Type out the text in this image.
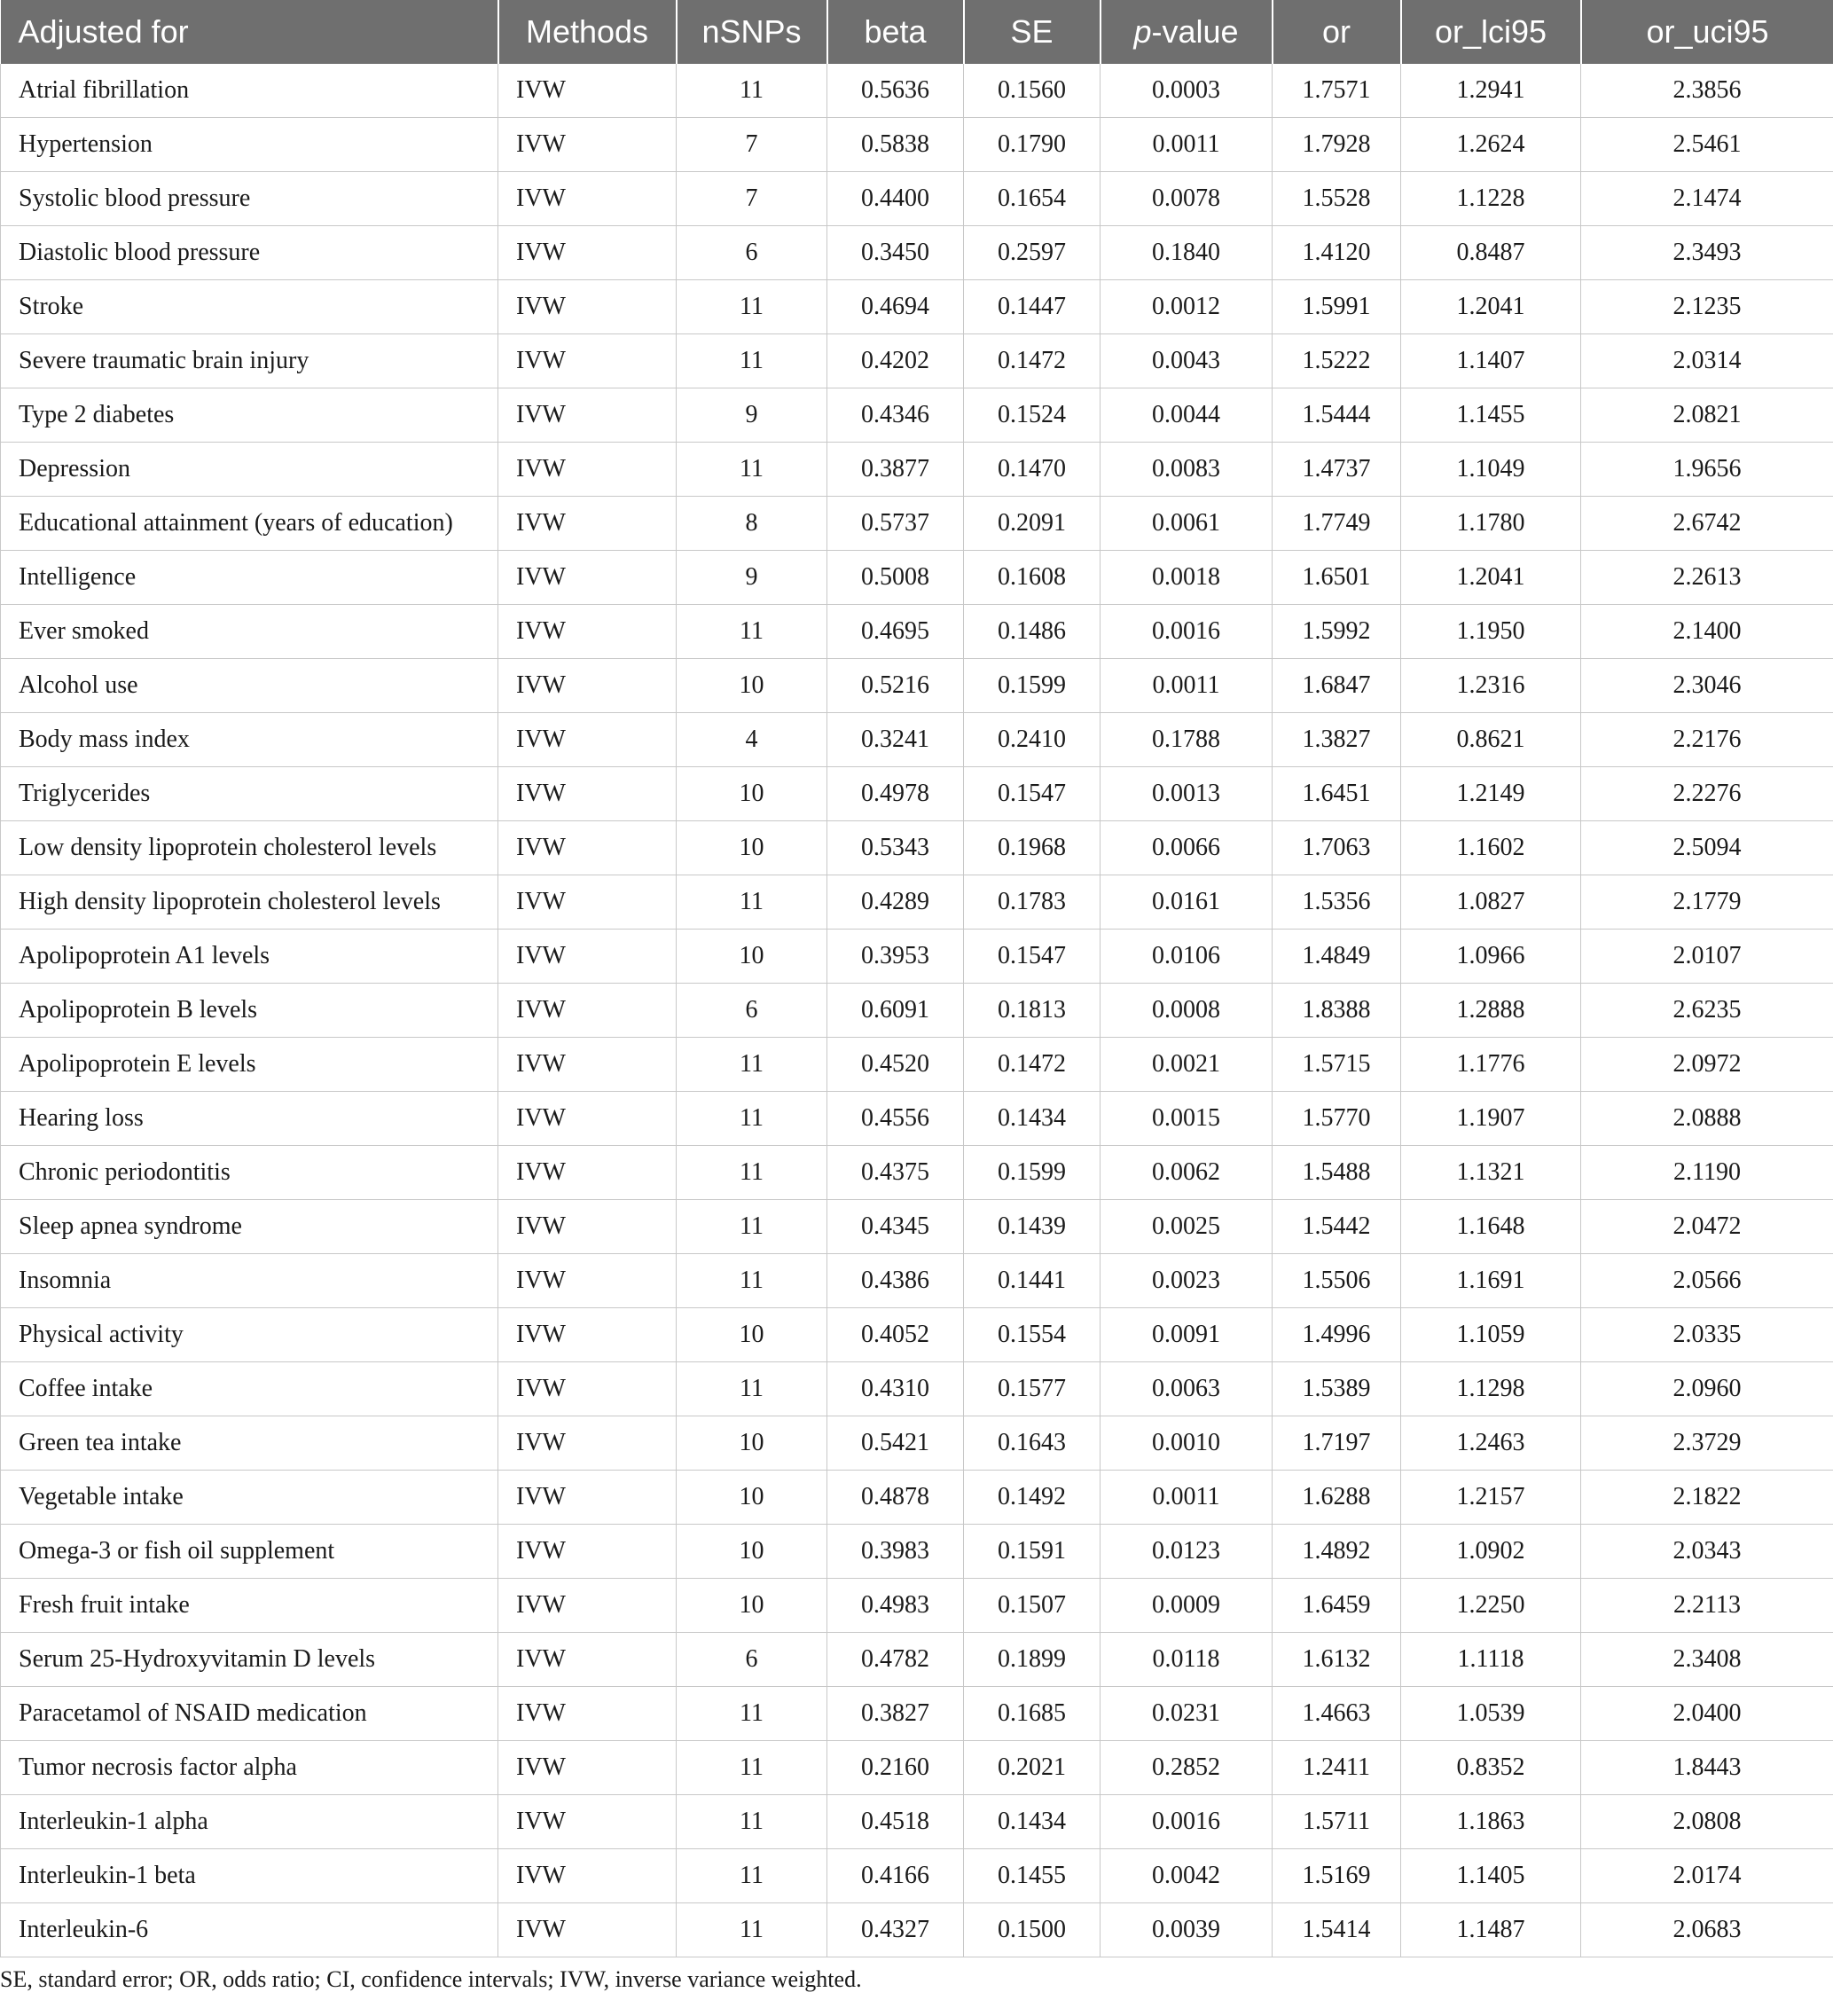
Adjusted for	Methods	nSNPs	beta	SE	p-value	or	or_lci95	or_uci95
Atrial fibrillation	IVW	11	0.5636	0.1560	0.0003	1.7571	1.2941	2.3856
Hypertension	IVW	7	0.5838	0.1790	0.0011	1.7928	1.2624	2.5461
Systolic blood pressure	IVW	7	0.4400	0.1654	0.0078	1.5528	1.1228	2.1474
Diastolic blood pressure	IVW	6	0.3450	0.2597	0.1840	1.4120	0.8487	2.3493
Stroke	IVW	11	0.4694	0.1447	0.0012	1.5991	1.2041	2.1235
Severe traumatic brain injury	IVW	11	0.4202	0.1472	0.0043	1.5222	1.1407	2.0314
Type 2 diabetes	IVW	9	0.4346	0.1524	0.0044	1.5444	1.1455	2.0821
Depression	IVW	11	0.3877	0.1470	0.0083	1.4737	1.1049	1.9656
Educational attainment (years of education)	IVW	8	0.5737	0.2091	0.0061	1.7749	1.1780	2.6742
Intelligence	IVW	9	0.5008	0.1608	0.0018	1.6501	1.2041	2.2613
Ever smoked	IVW	11	0.4695	0.1486	0.0016	1.5992	1.1950	2.1400
Alcohol use	IVW	10	0.5216	0.1599	0.0011	1.6847	1.2316	2.3046
Body mass index	IVW	4	0.3241	0.2410	0.1788	1.3827	0.8621	2.2176
Triglycerides	IVW	10	0.4978	0.1547	0.0013	1.6451	1.2149	2.2276
Low density lipoprotein cholesterol levels	IVW	10	0.5343	0.1968	0.0066	1.7063	1.1602	2.5094
High density lipoprotein cholesterol levels	IVW	11	0.4289	0.1783	0.0161	1.5356	1.0827	2.1779
Apolipoprotein A1 levels	IVW	10	0.3953	0.1547	0.0106	1.4849	1.0966	2.0107
Apolipoprotein B levels	IVW	6	0.6091	0.1813	0.0008	1.8388	1.2888	2.6235
Apolipoprotein E levels	IVW	11	0.4520	0.1472	0.0021	1.5715	1.1776	2.0972
Hearing loss	IVW	11	0.4556	0.1434	0.0015	1.5770	1.1907	2.0888
Chronic periodontitis	IVW	11	0.4375	0.1599	0.0062	1.5488	1.1321	2.1190
Sleep apnea syndrome	IVW	11	0.4345	0.1439	0.0025	1.5442	1.1648	2.0472
Insomnia	IVW	11	0.4386	0.1441	0.0023	1.5506	1.1691	2.0566
Physical activity	IVW	10	0.4052	0.1554	0.0091	1.4996	1.1059	2.0335
Coffee intake	IVW	11	0.4310	0.1577	0.0063	1.5389	1.1298	2.0960
Green tea intake	IVW	10	0.5421	0.1643	0.0010	1.7197	1.2463	2.3729
Vegetable intake	IVW	10	0.4878	0.1492	0.0011	1.6288	1.2157	2.1822
Omega-3 or fish oil supplement	IVW	10	0.3983	0.1591	0.0123	1.4892	1.0902	2.0343
Fresh fruit intake	IVW	10	0.4983	0.1507	0.0009	1.6459	1.2250	2.2113
Serum 25-Hydroxyvitamin D levels	IVW	6	0.4782	0.1899	0.0118	1.6132	1.1118	2.3408
Paracetamol of NSAID medication	IVW	11	0.3827	0.1685	0.0231	1.4663	1.0539	2.0400
Tumor necrosis factor alpha	IVW	11	0.2160	0.2021	0.2852	1.2411	0.8352	1.8443
Interleukin-1 alpha	IVW	11	0.4518	0.1434	0.0016	1.5711	1.1863	2.0808
Interleukin-1 beta	IVW	11	0.4166	0.1455	0.0042	1.5169	1.1405	2.0174
Interleukin-6	IVW	11	0.4327	0.1500	0.0039	1.5414	1.1487	2.0683
SE, standard error; OR, odds ratio; CI, confidence intervals; IVW, inverse variance weighted.
